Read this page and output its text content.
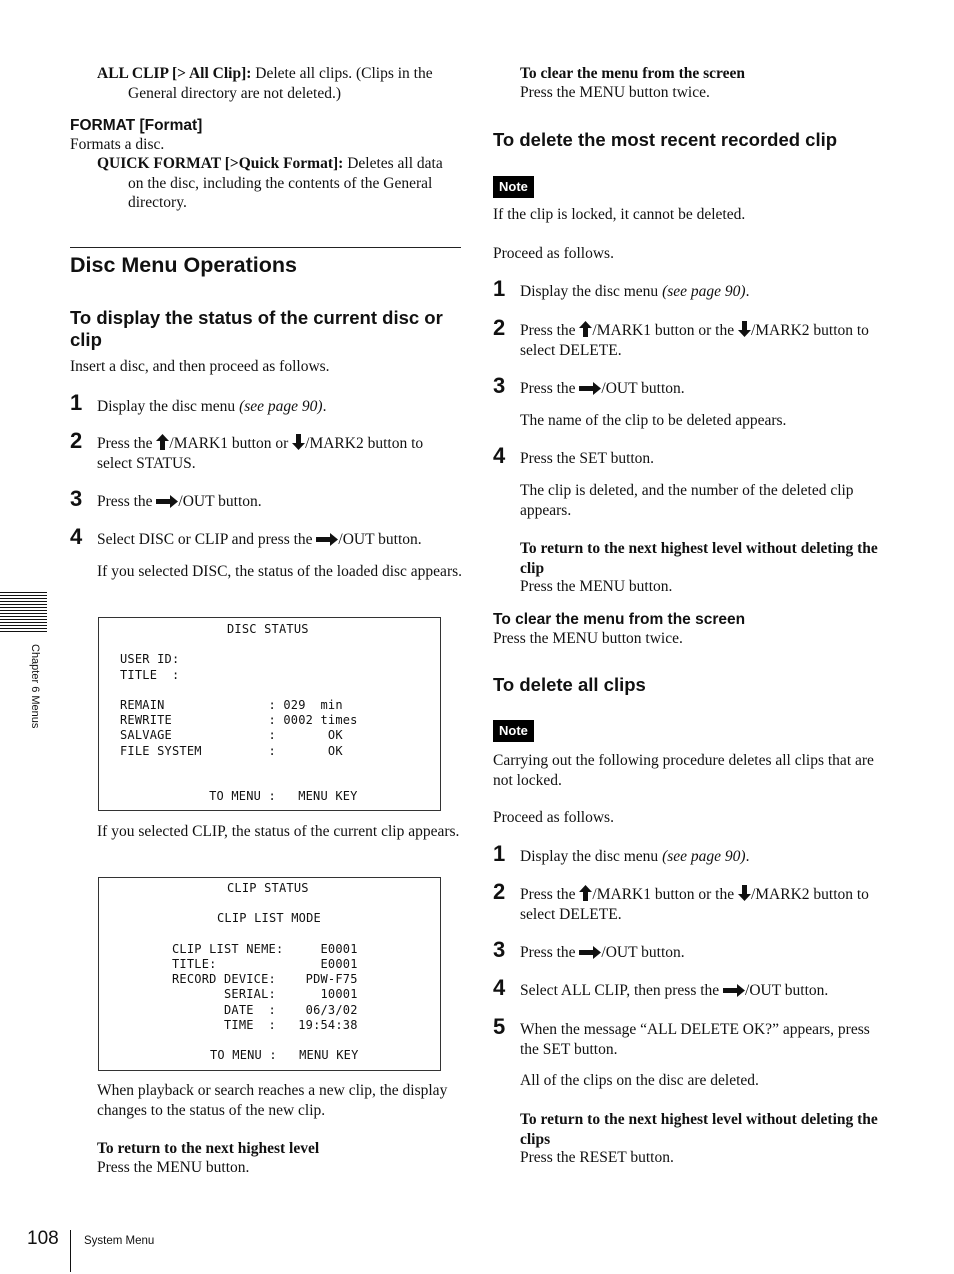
ALL CLIP [> All Clip]: Delete all clips. (Clips in the General directory are not deleted.)
FORMAT [Format]
Formats a disc.
QUICK FORMAT [>Quick Format]: Deletes all data on the disc, including the contents of the General directory.
Disc Menu Operations
To display the status of the current disc or clip
Insert a disc, and then proceed as follows.
1 Display the disc menu (see page 90).
2 Press the /MARK1 button or /MARK2 button to select STATUS.
3 Press the /OUT button.
4 Select DISC or CLIP and press the /OUT button.
If you selected DISC, the status of the loaded disc appears.
DISC STATUS

USER ID:
TITLE  :

REMAIN              : 029  min
REWRITE             : 0002 times
SALVAGE             :       OK
FILE SYSTEM         :       OK

TO MENU :   MENU KEY
If you selected CLIP, the status of the current clip appears.
CLIP STATUS

CLIP LIST MODE

CLIP LIST NEME:     E0001
TITLE:              E0001
RECORD DEVICE:    PDW-F75
SERIAL:      10001
DATE  :    06/3/02
TIME  :   19:54:38

TO MENU :   MENU KEY
When playback or search reaches a new clip, the display changes to the status of the new clip.
To return to the next highest level
Press the MENU button.
To clear the menu from the screen
Press the MENU button twice.
To delete the most recent recorded clip
Note
If the clip is locked, it cannot be deleted.
Proceed as follows.
1 Display the disc menu (see page 90).
2 Press the /MARK1 button or the /MARK2 button to select DELETE.
3 Press the /OUT button.
The name of the clip to be deleted appears.
4 Press the SET button.
The clip is deleted, and the number of the deleted clip appears.
To return to the next highest level without deleting the clip
Press the MENU button.
To clear the menu from the screen
Press the MENU button twice.
To delete all clips
Note
Carrying out the following procedure deletes all clips that are not locked.
Proceed as follows.
1 Display the disc menu (see page 90).
2 Press the /MARK1 button or the /MARK2 button to select DELETE.
3 Press the /OUT button.
4 Select ALL CLIP, then press the /OUT button.
5 When the message “ALL DELETE OK?” appears, press the SET button.
All of the clips on the disc are deleted.
To return to the next highest level without deleting the clips
Press the RESET button.
Chapter 6 Menus
108 System Menu
